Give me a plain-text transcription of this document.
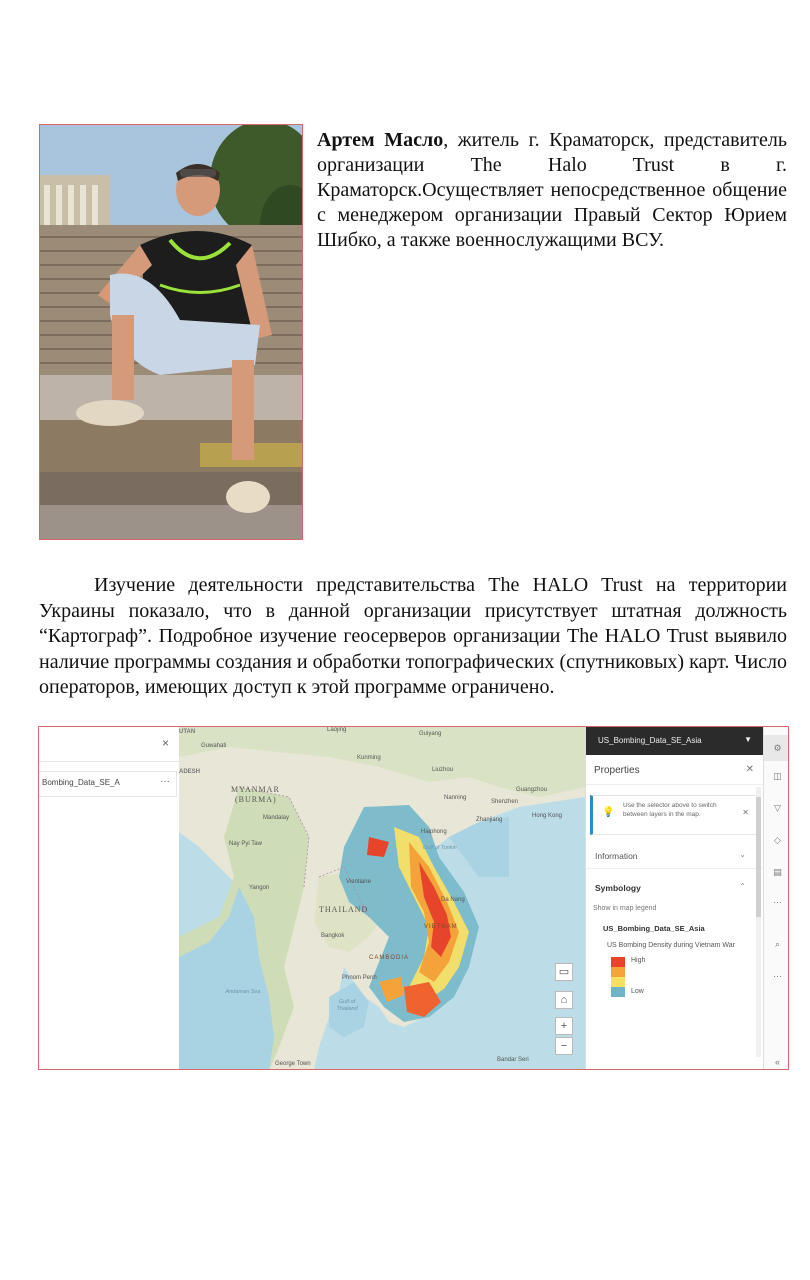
Артем Масло, житель г. Краматорск, представитель организации The Halo Trust в г. Краматорск.Осуществляет непосредственное общение с менеджером организации Правый Сектор Юрием Шибко, а также военнослужащими ВСУ.

Изучение деятельности представительства The HALO Trust на территории Украины показало, что в данной организации присутствует штатная должность “Картограф”. Подробное изучение геосерверов организации The HALO Trust выявило наличие программы создания и обработки топографических (спутниковых) карт. Число операторов, имеющих доступ к этой программе ограничено.

×
Bombing_Data_SE_A	···
Guwahati
UTAN
ADESH
Laojing
Kunming
Guiyang
Liuzhou
Guangzhou
Shenzhen
Nanning
Zhanjiang
Hong Kong
MYANMAR
(BURMA)
Mandalay
Nay Pyi Taw
Yangon
Vientiane
Haiphong
Gulf of Tonkin
THAILAND
Bangkok
Da Nang
VIETNAM
CAMBODIA
Phnom Penh
Andaman Sea
Gulf of Thailand
George Town
Bandar Seri
▭
⌂
+
−
US_Bombing_Data_SE_Asia	▼
Properties	✕
💡
Use the selector above to switch between layers in the map.	✕
Information	⌄
Symbology	⌃
Show in map legend
US_Bombing_Data_SE_Asia
US Bombing Density during Vietnam War
High
Low
⚙
◫
▽
◇
▤
···
⌕
···
«
